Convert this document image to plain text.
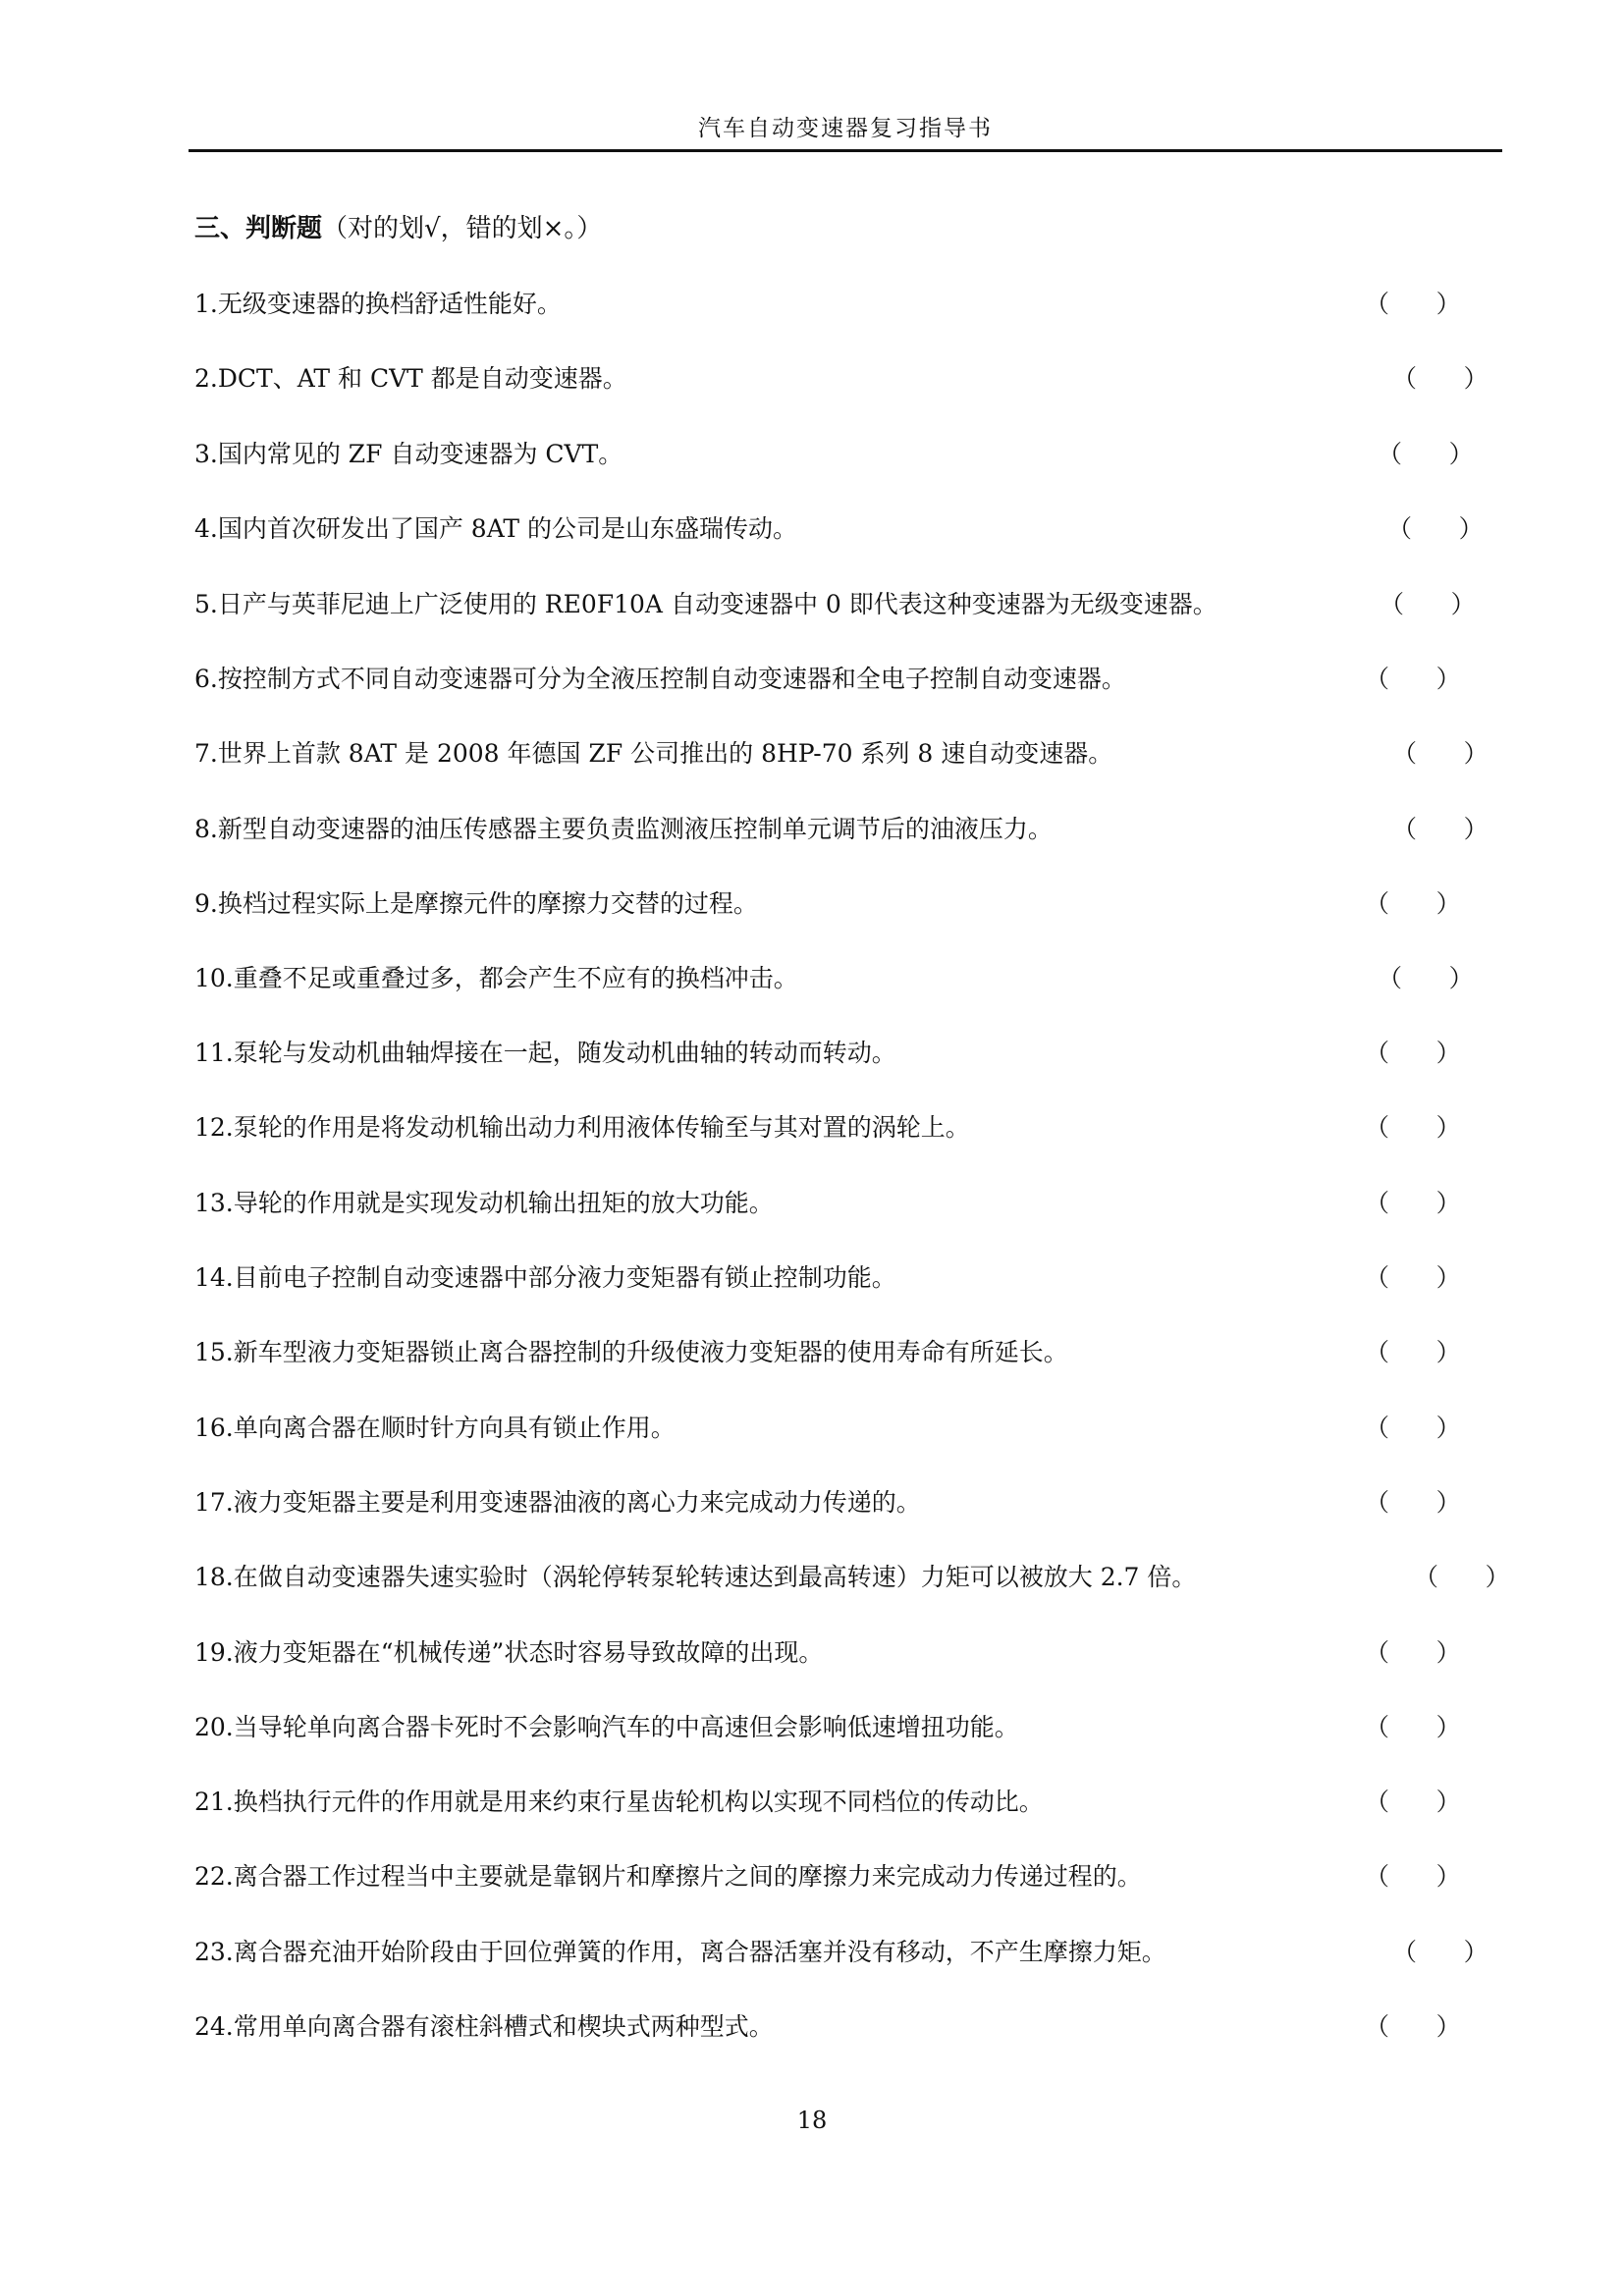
汽车自动变速器复习指导书
三、判断题（对的划√，错的划×。）
1.无级变速器的换档舒适性能好。	（      ）
2.DCT、AT 和 CVT 都是自动变速器。	（      ）
3.国内常见的 ZF 自动变速器为 CVT。	（      ）
4.国内首次研发出了国产 8AT 的公司是山东盛瑞传动。	（      ）
5.日产与英菲尼迪上广泛使用的 RE0F10A 自动变速器中 0 即代表这种变速器为无级变速器。	（      ）
6.按控制方式不同自动变速器可分为全液压控制自动变速器和全电子控制自动变速器。	（      ）
7.世界上首款 8AT 是 2008 年德国 ZF 公司推出的 8HP-70 系列 8 速自动变速器。	（      ）
8.新型自动变速器的油压传感器主要负责监测液压控制单元调节后的油液压力。	（      ）
9.换档过程实际上是摩擦元件的摩擦力交替的过程。	（      ）
10.重叠不足或重叠过多，都会产生不应有的换档冲击。	（      ）
11.泵轮与发动机曲轴焊接在一起，随发动机曲轴的转动而转动。	（      ）
12.泵轮的作用是将发动机输出动力利用液体传输至与其对置的涡轮上。	（      ）
13.导轮的作用就是实现发动机输出扭矩的放大功能。	（      ）
14.目前电子控制自动变速器中部分液力变矩器有锁止控制功能。	（      ）
15.新车型液力变矩器锁止离合器控制的升级使液力变矩器的使用寿命有所延长。	（      ）
16.单向离合器在顺时针方向具有锁止作用。	（      ）
17.液力变矩器主要是利用变速器油液的离心力来完成动力传递的。	（      ）
18.在做自动变速器失速实验时（涡轮停转泵轮转速达到最高转速）力矩可以被放大 2.7 倍。	（      ）
19.液力变矩器在“机械传递”状态时容易导致故障的出现。	（      ）
20.当导轮单向离合器卡死时不会影响汽车的中高速但会影响低速增扭功能。	（      ）
21.换档执行元件的作用就是用来约束行星齿轮机构以实现不同档位的传动比。	（      ）
22.离合器工作过程当中主要就是靠钢片和摩擦片之间的摩擦力来完成动力传递过程的。	（      ）
23.离合器充油开始阶段由于回位弹簧的作用，离合器活塞并没有移动，不产生摩擦力矩。	（      ）
24.常用单向离合器有滚柱斜槽式和楔块式两种型式。	（      ）
18
